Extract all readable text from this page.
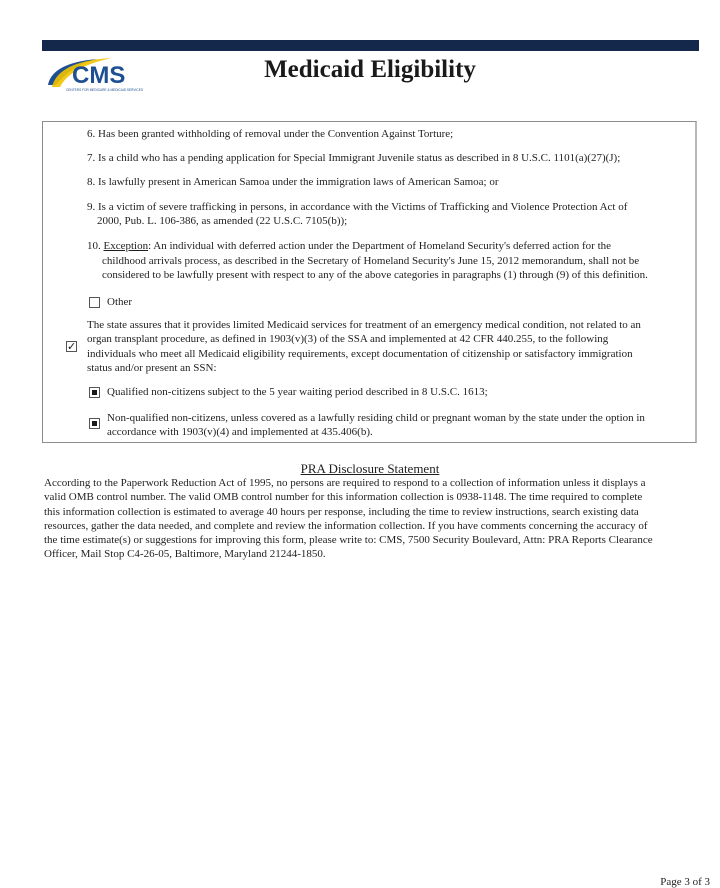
CMS
CENTERS FOR MEDICARE & MEDICAID SERVICES
Medicaid Eligibility
6. Has been granted withholding of removal under the Convention Against Torture;
7. Is a child who has a pending application for Special Immigrant Juvenile status as described in 8 U.S.C. 1101(a)(27)(J);
8. Is lawfully present in American Samoa under the immigration laws of American Samoa; or
9. Is a victim of severe trafficking in persons, in accordance with the Victims of Trafficking and Violence Protection Act of
2000, Pub. L. 106-386, as amended (22 U.S.C. 7105(b));
10. Exception: An individual with deferred action under the Department of Homeland Security's deferred action for the
childhood arrivals process, as described in the Secretary of Homeland Security's June 15, 2012 memorandum, shall not be
considered to be lawfully present with respect to any of the above categories in paragraphs (1) through (9) of this definition.
Other
✓
The state assures that it provides limited Medicaid services for treatment of an emergency medical condition, not related to an
organ transplant procedure, as defined in 1903(v)(3) of the SSA and implemented at 42 CFR 440.255, to the following
individuals who meet all Medicaid eligibility requirements, except documentation of citizenship or satisfactory immigration
status and/or present an SSN:
Qualified non-citizens subject to the 5 year waiting period described in 8 U.S.C. 1613;
Non-qualified non-citizens, unless covered as a lawfully residing child or pregnant woman by the state under the option in
accordance with 1903(v)(4) and implemented at 435.406(b).
PRA Disclosure Statement
According to the Paperwork Reduction Act of 1995, no persons are required to respond to a collection of information unless it displays a
valid OMB control number. The valid OMB control number for this information collection is 0938-1148. The time required to complete
this information collection is estimated to average 40 hours per response, including the time to review instructions, search existing data
resources, gather the data needed, and complete and review the information collection. If you have comments concerning the accuracy of
the time estimate(s) or suggestions for improving this form, please write to: CMS, 7500 Security Boulevard, Attn: PRA Reports Clearance
Officer, Mail Stop C4-26-05, Baltimore, Maryland 21244-1850.
Page 3 of 3
